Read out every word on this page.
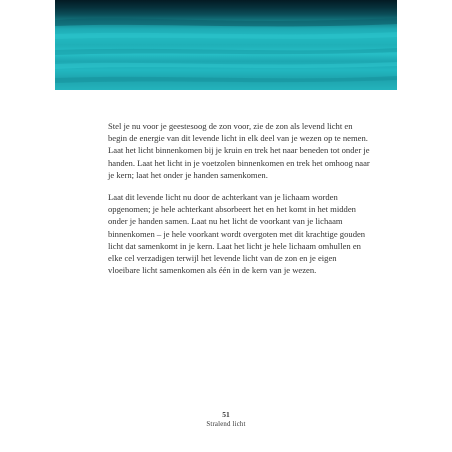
Stel je nu voor je geestesoog de zon voor, zie de zon als levend licht en begin de energie van dit levende licht in elk deel van je wezen op te nemen. Laat het licht binnenkomen bij je kruin en trek het naar beneden tot onder je handen. Laat het licht in je voetzolen binnenkomen en trek het omhoog naar je kern; laat het onder je handen samenkomen.

Laat dit levende licht nu door de achterkant van je lichaam worden opgenomen; je hele achterkant absorbeert het en het komt in het midden onder je handen samen. Laat nu het licht de voorkant van je lichaam binnenkomen – je hele voorkant wordt overgoten met dit krachtige gouden licht dat samenkomt in je kern. Laat het licht je hele lichaam omhullen en elke cel verzadigen terwijl het levende licht van de zon en je eigen vloeibare licht samenkomen als één in de kern van je wezen.

51
Stralend licht
